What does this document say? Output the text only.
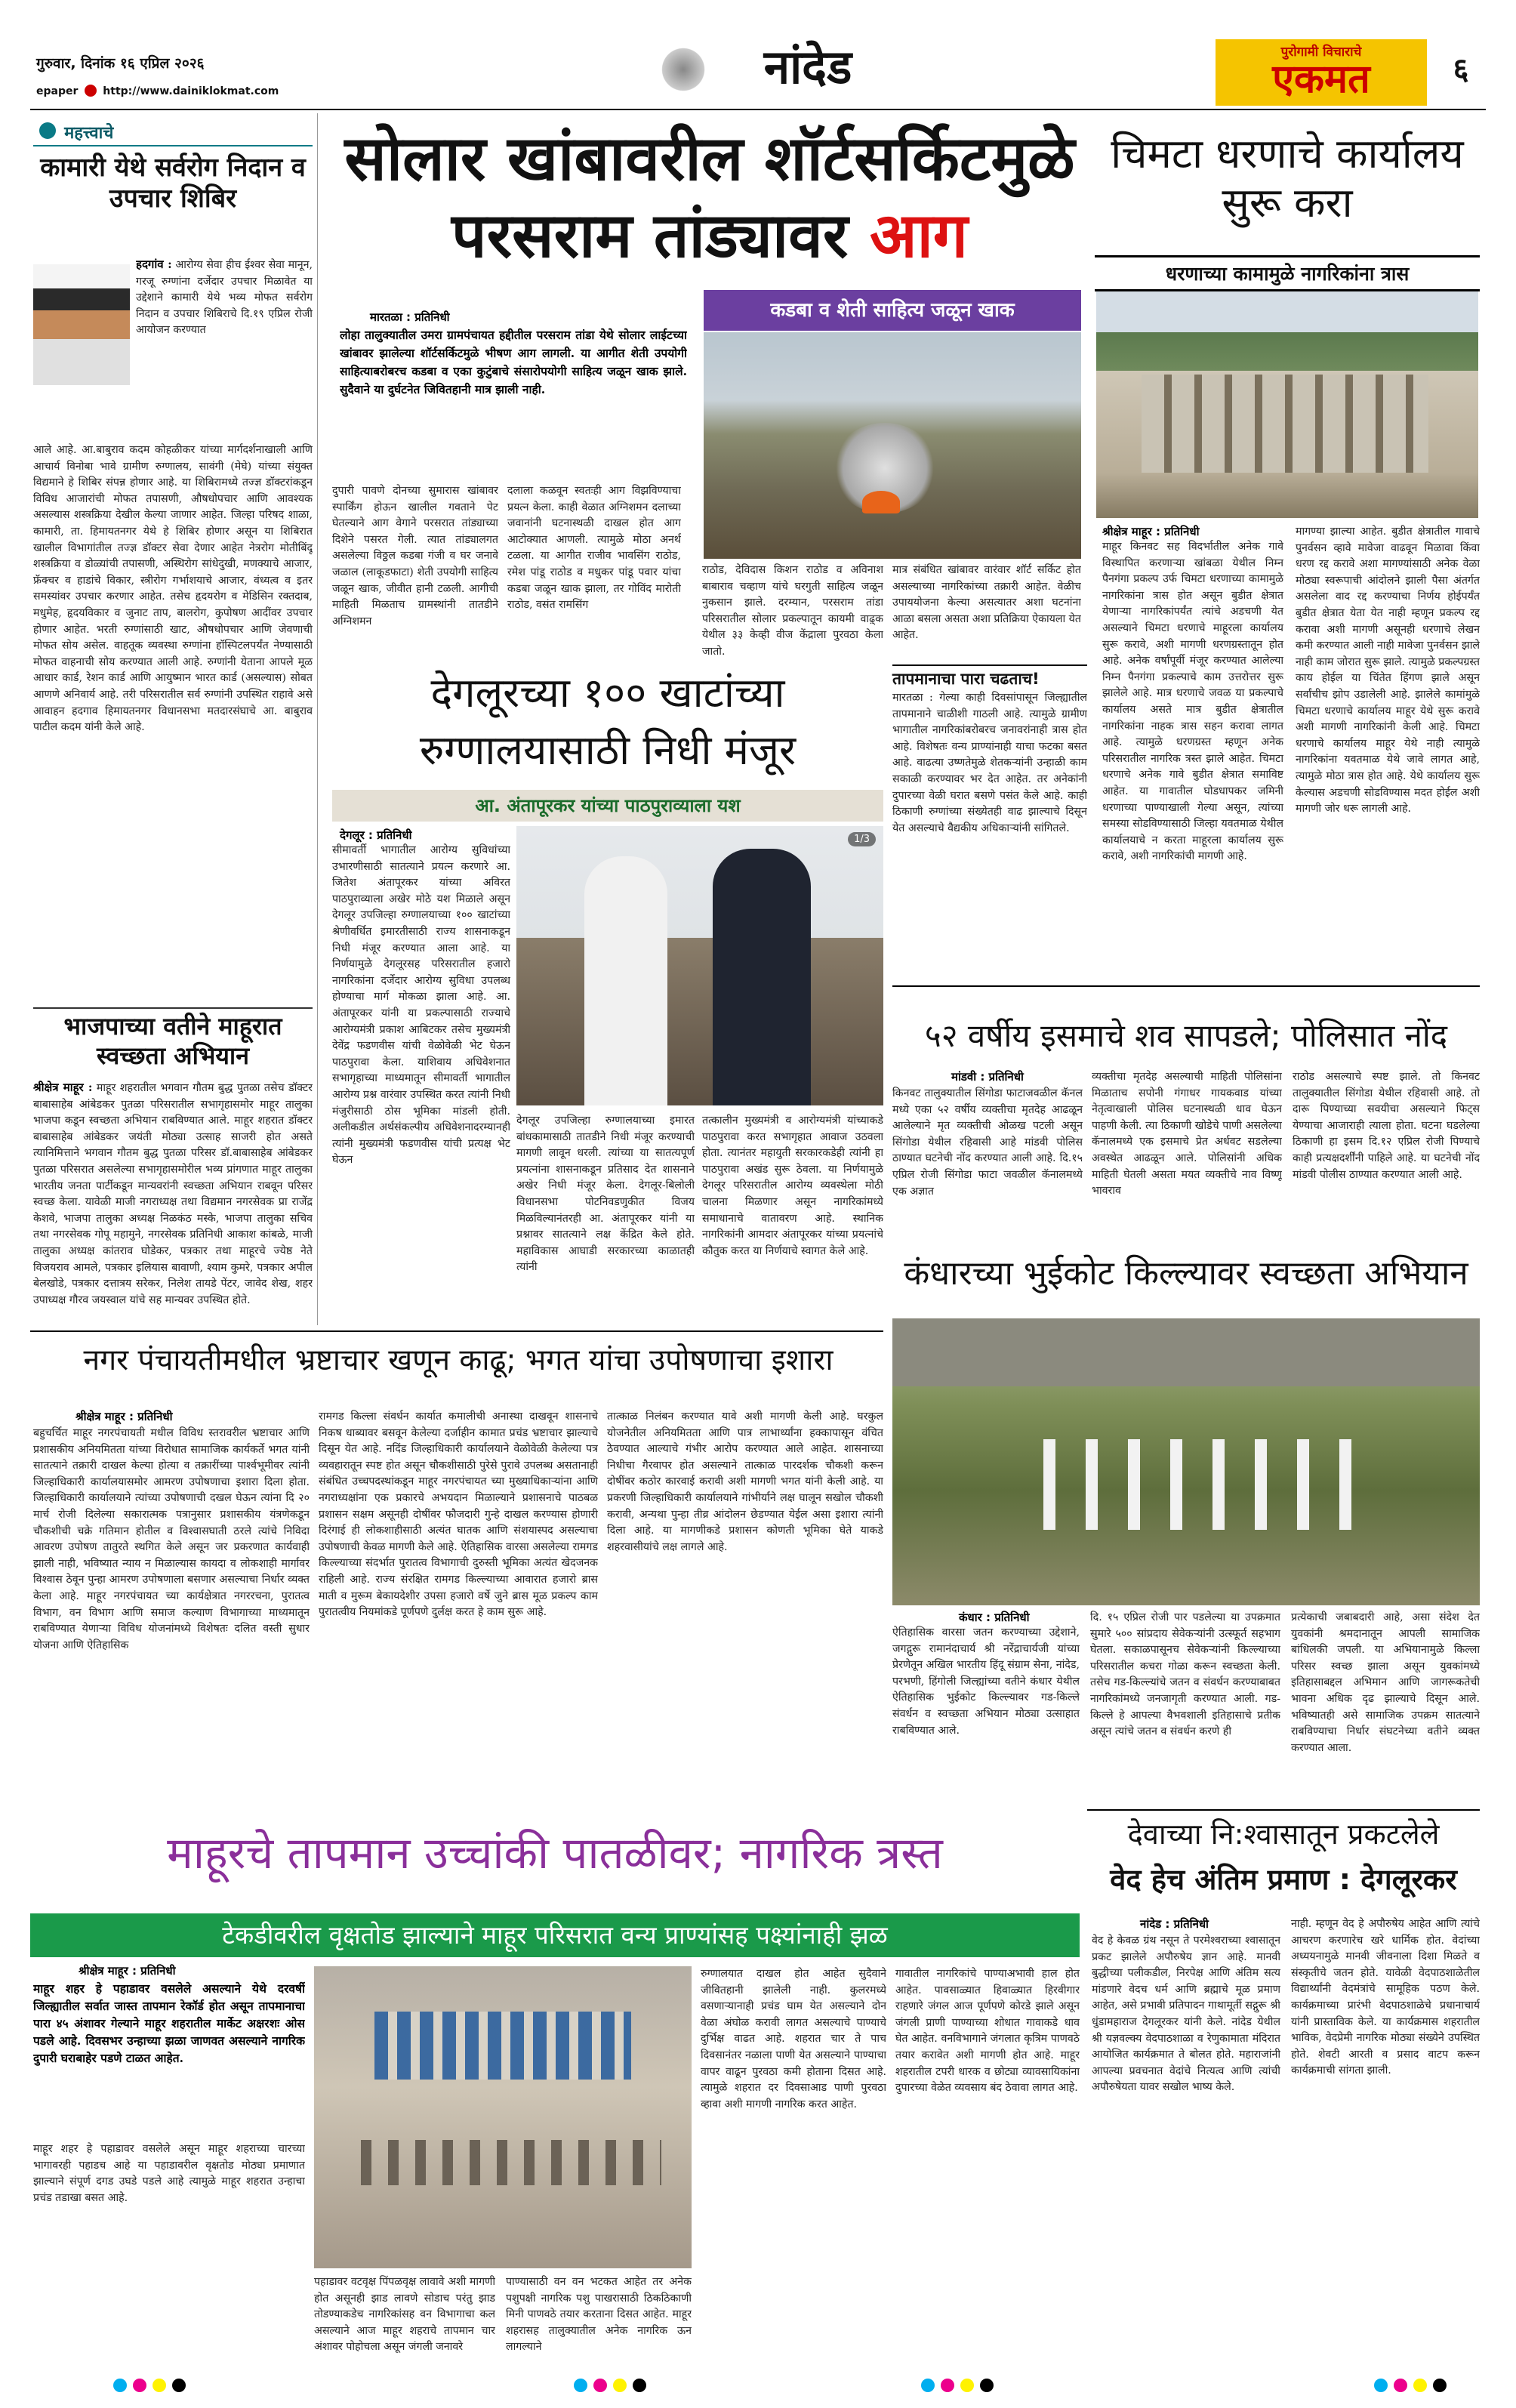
गुरुवार, दिनांक १६ एप्रिल २०२६
epaper http://www.dainiklokmat.com	नांदेड	पुरोगामी विचाराचे
एकमत	६
महत्त्वाचे
कामारी येथे सर्वरोग निदान व उपचार शिबिर
हदगांव : आरोग्य सेवा हीच ईश्वर सेवा मानून, गरजू रुग्णांना दर्जेदार उपचार मिळावेत या उद्देशाने कामारी येथे भव्य मोफत सर्वरोग निदान व उपचार शिबिराचे दि.१९ एप्रिल रोजी आयोजन करण्यात
आले आहे. आ.बाबुराव कदम कोहळीकर यांच्या मार्गदर्शनाखाली आणि आचार्य विनोबा भावे ग्रामीण रुग्णालय, सावंगी (मेघे) यांच्या संयुक्त विद्यमाने हे शिबिर संपन्न होणार आहे. या शिबिरामध्ये तज्ज्ञ डॉक्टरांकडून विविध आजारांची मोफत तपासणी, औषधोपचार आणि आवश्यक असल्यास शस्त्रक्रिया देखील केल्या जाणार आहेत. जिल्हा परिषद शाळा, कामारी, ता. हिमायतनगर येथे हे शिबिर होणार असून या शिबिरात खालील विभागांतील तज्ज्ञ डॉक्टर सेवा देणार आहेत नेत्ररोग मोतीबिंदू शस्त्रक्रिया व डोळ्यांची तपासणी, अस्थिरोग सांधेदुखी, मणक्याचे आजार, फ्रॅक्चर व हाडांचे विकार, स्त्रीरोग गर्भाशयाचे आजार, वंध्यत्व व इतर समस्यांवर उपचार करणार आहेत. तसेच हृदयरोग व मेडिसिन रक्तदाब, मधुमेह, हृदयविकार व जुनाट ताप, बालरोग, कुपोषण आदींवर उपचार होणार आहेत. भरती रुग्णांसाठी खाट, औषधोपचार आणि जेवणाची मोफत सोय असेल. वाहतूक व्यवस्था रुग्णांना हॉस्पिटलपर्यंत नेण्यासाठी मोफत वाहनाची सोय करण्यात आली आहे. रुग्णांनी येताना आपले मूळ आधार कार्ड, रेशन कार्ड आणि आयुष्मान भारत कार्ड (असल्यास) सोबत आणणे अनिवार्य आहे. तरी परिसरातील सर्व रुग्णांनी उपस्थित राहावे असे आवाहन हदगाव हिमायतनगर विधानसभा मतदारसंघाचे आ. बाबुराव पाटील कदम यांनी केले आहे.
भाजपाच्या वतीने माहूरात स्वच्छता अभियान
श्रीक्षेत्र माहूर : माहूर शहरातील भगवान गौतम बुद्ध पुतळा तसेच डॉक्टर बाबासाहेब आंबेडकर पुतळा परिसरातील सभागृहासमोर माहूर तालुका भाजपा कडून स्वच्छता अभियान राबविण्यात आले. माहूर शहरात डॉक्टर बाबासाहेब आंबेडकर जयंती मोठ्या उत्साह साजरी होत असते त्यानिमित्ताने भगवान गौतम बुद्ध पुतळा परिसर डॉ.बाबासाहेब आंबेडकर पुतळा परिसरात असलेल्या सभागृहासमोरील भव्य प्रांगणात माहूर तालुका भारतीय जनता पार्टीकडून मान्यवरांनी स्वच्छता अभियान राबवून परिसर स्वच्छ केला. यावेळी माजी नगराध्यक्ष तथा विद्यमान नगरसेवक प्रा राजेंद्र केशवे, भाजपा तालुका अध्यक्ष निळकंठ मस्के, भाजपा तालुका सचिव तथा नगरसेवक गोपू महामुने, नगरसेवक प्रतिनिधी आकाश कांबळे, माजी तालुका अध्यक्ष कांतराव घोडेकर, पत्रकार तथा माहूरचे ज्येष्ठ नेते विजयराव आमले, पत्रकार इलियास बावाणी, श्याम कुमरे, पत्रकार अपील बेलखोडे, पत्रकार दत्तात्रय सरेकर, निलेश तायडे पेंटर, जावेद शेख, शहर उपाध्यक्ष गौरव जयस्वाल यांचे सह मान्यवर उपस्थित होते.
सोलार खांबावरील शॉर्टसर्किटमुळे
परसराम तांड्यावर आग
मारतळा : प्रतिनिधी
लोहा तालुक्यातील उमरा ग्रामपंचायत हद्दीतील परसराम तांडा येथे सोलार लाईटच्या खांबावर झालेल्या शॉर्टसर्किटमुळे भीषण आग लागली. या आगीत शेती उपयोगी साहित्याबरोबरच कडबा व एका कुटुंबाचे संसारोपयोगी साहित्य जळून खाक झाले. सुदैवाने या दुर्घटनेत जिवितहानी मात्र झाली नाही.
कडबा व शेती साहित्य जळून खाक
दुपारी पावणे दोनच्या सुमारास खांबावर स्पार्किंग होऊन खालील गवताने पेट घेतल्याने आग वेगाने परसरात तांड्याच्या दिशेने पसरत गेली. त्यात तांड्यालगत असलेल्या विठ्ठल कडबा गंजी व घर जनावे जळाल (लाकूडफाटा) शेती उपयोगी साहित्य जळून खाक, जीवीत हानी टळली. आगीची माहिती मिळताच ग्रामस्थांनी तातडीने अग्निशमन
दलाला कळवून स्वतःही आग विझविण्याचा प्रयत्न केला. काही वेळात अग्निशमन दलाच्या जवानांनी घटनास्थळी दाखल होत आग आटोक्यात आणली. त्यामुळे मोठा अनर्थ टळला. या आगीत राजीव भावसिंग राठोड, रमेश पांडू राठोड व मधुकर पांडू पवार यांचा कडबा जळून खाक झाला, तर गोविंद मारोती राठोड, वसंत रामसिंग
राठोड, देविदास किशन राठोड व अविनाश बाबाराव चव्हाण यांचे घरगुती साहित्य जळून नुकसान झाले. दरम्यान, परसराम तांडा परिसरातील सोलार प्रकल्पातून कायमी वाढ़्क येथील ३३ केव्ही वीज केंद्राला पुरवठा केला जातो.
मात्र संबंधित खांबावर वारंवार शॉर्ट सर्किट होत असल्याच्या नागरिकांच्या तक्रारी आहेत. वेळीच उपाययोजना केल्या असत्यातर अशा घटनांना आळा बसला असता अशा प्रतिक्रिया ऐकायला येत आहेत.
चिमटा धरणाचे कार्यालय सुरू करा
धरणाच्या कामामुळे नागरिकांना त्रास
श्रीक्षेत्र माहूर : प्रतिनिधी
माहूर किनवट सह विदर्भातील अनेक गावे विस्थापित करणाऱ्या खांबळा येथील निम्न पैनगंगा प्रकल्प उर्फ चिमटा धरणाच्या कामामुळे नागरिकांना त्रास होत असून बुडीत क्षेत्रात येणाऱ्या नागरिकांपर्यंत त्यांचे अडचणी येत असल्याने चिमटा धरणाचे माहूरला कार्यालय सुरू करावे, अशी मागणी धरणग्रस्तातून होत आहे. अनेक वर्षांपूर्वी मंजूर करण्यात आलेल्या निम्न पैनगंगा प्रकल्पाचे काम उत्तरोत्तर सुरू झालेले आहे. मात्र धरणाचे जवळ या प्रकल्पाचे कार्यालय असते मात्र बुडीत क्षेत्रातील नागरिकांना नाहक त्रास सहन करावा लागत आहे. त्यामुळे धरणग्रस्त म्हणून अनेक परिसरातील नागरिक त्रस्त झाले आहेत. चिमटा धरणाचे अनेक गावे बुडीत क्षेत्रात समाविष्ट आहेत. या गावातील घोडधापकर जमिनी धरणाच्या पाण्याखाली गेल्या असून, त्यांच्या समस्या सोडविण्यासाठी जिल्हा यवतमाळ येथील कार्यालयाचे न करता माहूरला कार्यालय सुरू करावे, अशी नागरिकांची मागणी आहे.
मागण्या झाल्या आहेत. बुडीत क्षेत्रातील गावाचे पुनर्वसन व्हावे मावेजा वाढवून मिळावा किंवा धरण रद्द करावे अशा मागण्यांसाठी अनेक वेळा मोठ्या स्वरूपाची आंदोलने झाली पैसा अंतर्गत असलेला वाद रद्द करण्याचा निर्णय होईपर्यंत बुडीत क्षेत्रात येता येत नाही म्हणून प्रकल्प रद्द करावा अशी मागणी असूनही धरणाचे लेखन कमी करण्यात आली नाही मावेजा पुनर्वसन झाले नाही काम जोरात सुरू झाले. त्यामुळे प्रकल्पग्रस्त काय होईल या चिंतेत हिंगण झाले असून सर्वांचीच झोप उडालेली आहे. झालेले कामांमुळे चिमटा धरणाचे कार्यालय माहूर येथे सुरू करावे अशी मागणी नागरिकांनी केली आहे. चिमटा धरणाचे कार्यालय माहूर येथे नाही त्यामुळे नागरिकांना यवतमाळ येथे जावे लागत आहे, त्यामुळे मोठा त्रास होत आहे. येथे कार्यालय सुरू केल्यास अडचणी सोडविण्यास मदत होईल अशी मागणी जोर धरू लागली आहे.
तापमानाचा पारा चढताच!
मारतळा : गेल्या काही दिवसांपासून जिल्ह्यातील तापमानाने चाळीशी गाठली आहे. त्यामुळे ग्रामीण भागातील नागरिकांबरोबरच जनावरांनाही त्रास होत आहे. विशेषतः वन्य प्राण्यांनाही याचा फटका बसत आहे. वाढत्या उष्णतेमुळे शेतकऱ्यांनी उन्हाळी काम सकाळी करण्यावर भर देत आहेत. तर अनेकांनी दुपारच्या वेळी घरात बसणे पसंत केले आहे. काही ठिकाणी रुग्णांच्या संख्येतही वाढ झाल्याचे दिसून येत असल्याचे वैद्यकीय अधिकाऱ्यांनी सांगितले.
देगलूरच्या १०० खाटांच्या
रुग्णालयासाठी निधी मंजूर
आ. अंतापूरकर यांच्या पाठपुराव्याला यश
1/3
देगलूर : प्रतिनिधी
सीमावर्ती भागातील आरोग्य सुविधांच्या उभारणीसाठी सातत्याने प्रयत्न करणारे आ. जितेश अंतापूरकर यांच्या अविरत पाठपुराव्याला अखेर मोठे यश मिळाले असून देगलूर उपजिल्हा रुग्णालयाच्या १०० खाटांच्या श्रेणीवर्धित इमारतीसाठी राज्य शासनाकडून निधी मंजूर करण्यात आला आहे. या निर्णयामुळे देगलूरसह परिसरातील हजारो नागरिकांना दर्जेदार आरोग्य सुविधा उपलब्ध होण्याचा मार्ग मोकळा झाला आहे. आ. अंतापूरकर यांनी या प्रकल्पासाठी राज्याचे आरोग्यमंत्री प्रकाश आबिटकर तसेच मुख्यमंत्री देवेंद्र फडणवीस यांची वेळोवेळी भेट घेऊन पाठपुरावा केला. याशिवाय अधिवेशनात सभागृहाच्या माध्यमातून सीमावर्ती भागातील आरोग्य प्रश्न वारंवार उपस्थित करत त्यांनी निधी मंजुरीसाठी ठोस भूमिका मांडली होती. अलीकडील अर्थसंकल्पीय अधिवेशनादरम्यानही त्यांनी मुख्यमंत्री फडणवीस यांची प्रत्यक्ष भेट घेऊन
देगलूर उपजिल्हा रुग्णालयाच्या इमारत बांधकामासाठी तातडीने निधी मंजूर करण्याची मागणी लावून धरली. त्यांच्या या सातत्यपूर्ण प्रयत्नांना शासनाकडून प्रतिसाद देत शासनाने अखेर निधी मंजूर केला. देगलूर-बिलोली विधानसभा पोटनिवडणुकीत विजय मिळविल्यानंतरही आ. अंतापूरकर यांनी या प्रश्नावर सातत्याने लक्ष केंद्रित केले होते. महाविकास आघाडी सरकारच्या काळातही त्यांनी
तत्कालीन मुख्यमंत्री व आरोग्यमंत्री यांच्याकडे पाठपुरावा करत सभागृहात आवाज उठवला होता. त्यानंतर महायुती सरकारकडेही त्यांनी हा पाठपुरावा अखंड सुरू ठेवला. या निर्णयामुळे देगलूर परिसरातील आरोग्य व्यवस्थेला मोठी चालना मिळणार असून नागरिकांमध्ये समाधानाचे वातावरण आहे. स्थानिक नागरिकांनी आमदार अंतापूरकर यांच्या प्रयत्नांचे कौतुक करत या निर्णयाचे स्वागत केले आहे.
५२ वर्षीय इसमाचे शव सापडले; पोलिसात नोंद
मांडवी : प्रतिनिधी
किनवट तालुक्यातील सिंगोडा फाटाजवळील कॅनल मध्ये एका ५२ वर्षीय व्यक्तीचा मृतदेह आढळून आलेल्याने मृत व्यक्तीची ओळख पटली असून सिंगोडा येथील रहिवासी आहे मांडवी पोलिस ठाण्यात घटनेची नोंद करण्यात आली आहे. दि.१५ एप्रिल रोजी सिंगोडा फाटा जवळील कॅनालमध्ये एक अज्ञात
व्यक्तीचा मृतदेह असल्याची माहिती पोलिसांना मिळाताच सपोनी गंगाधर गायकवाड यांच्या नेतृत्वाखाली पोलिस घटनास्थळी धाव घेऊन पाहणी केली. त्या ठिकाणी खोडेचे पाणी असलेल्या कॅनालमध्ये एक इसमाचे प्रेत अर्धवट सडलेल्या अवस्थेत आढळून आले. पोलिसांनी अधिक माहिती घेतली असता मयत व्यक्तीचे नाव विष्णू भावराव
राठोड असल्याचे स्पष्ट झाले. तो किनवट तालुक्यातील सिंगोडा येथील रहिवासी आहे. तो दारू पिण्याच्या सवयीचा असल्याने फिट्स येण्याचा आजाराही त्याला होता. घटना घडलेल्या ठिकाणी हा इसम दि.१२ एप्रिल रोजी पिण्याचे काही प्रत्यक्षदर्शींनी पाहिले आहे. या घटनेची नोंद मांडवी पोलीस ठाण्यात करण्यात आली आहे.
कंधारच्या भुईकोट किल्ल्यावर स्वच्छता अभियान
कंधार : प्रतिनिधी
ऐतिहासिक वारसा जतन करण्याच्या उद्देशाने, जगद्गुरू रामानंदाचार्य श्री नरेंद्राचार्यजी यांच्या प्रेरणेतून अखिल भारतीय हिंदू संग्राम सेना, नांदेड, परभणी, हिंगोली जिल्ह्यांच्या वतीने कंधार येथील ऐतिहासिक भुईकोट किल्ल्यावर गड-किल्ले संवर्धन व स्वच्छता अभियान मोठ्या उत्साहात राबविण्यात आले.
दि. १५ एप्रिल रोजी पार पडलेल्या या उपक्रमात सुमारे ५०० सांप्रदाय सेवेकऱ्यांनी उत्स्फूर्त सहभाग घेतला. सकाळपासूनच सेवेकऱ्यांनी किल्ल्याच्या परिसरातील कचरा गोळा करून स्वच्छता केली. तसेच गड-किल्ल्यांचे जतन व संवर्धन करण्याबाबत नागरिकांमध्ये जनजागृती करण्यात आली. गड-किल्ले हे आपल्या वैभवशाली इतिहासाचे प्रतीक असून त्यांचे जतन व संवर्धन करणे ही
प्रत्येकाची जबाबदारी आहे, असा संदेश देत युवकांनी श्रमदानातून आपली सामाजिक बांधिलकी जपली. या अभियानामुळे किल्ला परिसर स्वच्छ झाला असून युवकांमध्ये इतिहासाबद्दल अभिमान आणि जागरूकतेची भावना अधिक दृढ झाल्याचे दिसून आले. भविष्यातही असे सामाजिक उपक्रम सातत्याने राबविण्याचा निर्धार संघटनेच्या वतीने व्यक्त करण्यात आला.
नगर पंचायतीमधील भ्रष्टाचार खणून काढू; भगत यांचा उपोषणाचा इशारा
श्रीक्षेत्र माहूर : प्रतिनिधी
बहुचर्चित माहूर नगरपंचायती मधील विविध स्तरावरील भ्रष्टाचार आणि प्रशासकीय अनियमितता यांच्या विरोधात सामाजिक कार्यकर्ते भगत यांनी सातत्याने तक्रारी दाखल केल्या होत्या व तक्रारींच्या पार्श्वभूमीवर त्यांनी जिल्हाधिकारी कार्यालयासमोर आमरण उपोषणाचा इशारा दिला होता. जिल्हाधिकारी कार्यालयाने त्यांच्या उपोषणाची दखल घेऊन त्यांना दि २० मार्च रोजी दिलेल्या सकारात्मक पत्रानुसार प्रशासकीय यंत्रणेकडून चौकशीची चक्रे गतिमान होतील व विश्वासघाती ठरले त्यांचे निविदा आवरण उपोषण तातुरते स्थगित केले असून जर प्रकरणात कार्यवाही झाली नाही, भविष्यात न्याय न मिळाल्यास कायदा व लोकशाही मार्गावर विश्वास ठेवून पुन्हा आमरण उपोषणाला बसणार असल्याचा निर्धार व्यक्त केला आहे. माहूर नगरपंचायत च्या कार्यक्षेत्रात नगररचना, पुरातत्व विभाग, वन विभाग आणि समाज कल्याण विभागाच्या माध्यमातून राबविण्यात येणाऱ्या विविध योजनांमध्ये विशेषतः दलित वस्ती सुधार योजना आणि ऐतिहासिक
रामगड किल्ला संवर्धन कार्यात कमालीची अनास्था दाखवून शासनाचे निकष धाब्यावर बसवून केलेल्या दर्जाहीन कामात प्रचंड भ्रष्टाचार झाल्याचे दिसून येत आहे. नदिंड जिल्हाधिकारी कार्यालयाने वेळोवेळी केलेल्या पत्र व्यवहारातून स्पष्ट होत असून चौकशीसाठी पुरेसे पुरावे उपलब्ध असतानाही संबंधित उच्चपदस्थांकडून माहूर नगरपंचायत च्या मुख्याधिकाऱ्यांना आणि नगराध्यक्षांना एक प्रकारचे अभयदान मिळाल्याने प्रशासनाचे पाठबळ प्रशासन सक्षम असूनही दोषींवर फौजदारी गुन्हे दाखल करण्यास होणारी दिरंगाई ही लोकशाहीसाठी अत्यंत घातक आणि संशयास्पद असल्याचा उपोषणाची केवळ मागणी केले आहे. ऐतिहासिक वारसा असलेल्या रामगड किल्ल्याच्या संदर्भात पुरातत्व विभागाची दुरुस्ती भूमिका अत्यंत खेदजनक राहिली आहे. राज्य संरक्षित रामगड किल्ल्याच्या आवारात हजारो ब्रास माती व मुरूम बेकायदेशीर उपसा हजारो वर्षे जुने ब्रास मूळ प्रकल्प काम पुरातत्वीय नियमांकडे पूर्णपणे दुर्लक्ष करत हे काम सुरू आहे.
तात्काळ निलंबन करण्यात यावे अशी मागणी केली आहे. घरकुल योजनेतील अनियमितता आणि पात्र लाभार्थ्यांना हक्कापासून वंचित ठेवण्यात आल्याचे गंभीर आरोप करण्यात आले आहेत. शासनाच्या निधीचा गैरवापर होत असल्याने तात्काळ पारदर्शक चौकशी करून दोषींवर कठोर कारवाई करावी अशी मागणी भगत यांनी केली आहे. या प्रकरणी जिल्हाधिकारी कार्यालयाने गांभीर्याने लक्ष घालून सखोल चौकशी करावी, अन्यथा पुन्हा तीव्र आंदोलन छेडण्यात येईल असा इशारा त्यांनी दिला आहे. या मागणीकडे प्रशासन कोणती भूमिका घेते याकडे शहरवासीयांचे लक्ष लागले आहे.
देवाच्या नि:श्वासातून प्रकटलेले
वेद हेच अंतिम प्रमाण : देगलूरकर
नांदेड : प्रतिनिधी
वेद हे केवळ ग्रंथ नसून ते परमेश्वराच्या श्वासातून प्रकट झालेले अपौरुषेय ज्ञान आहे. मानवी बुद्धीच्या पलीकडील, निरपेक्ष आणि अंतिम सत्य मांडणारे वेदच धर्म आणि ब्रह्माचे मूळ प्रमाण आहेत, असे प्रभावी प्रतिपादन गाथामूर्ती सद्गुरू श्री धुंडामहाराज देगलूरकर यांनी केले. नांदेड येथील श्री यज्ञवल्क्य वेदपाठशाळा व रेणुकामाता मंदिरात आयोजित कार्यक्रमात ते बोलत होते. महाराजांनी आपल्या प्रवचनात वेदांचे नित्यत्व आणि त्यांची अपौरुषेयता यावर सखोल भाष्य केले.
नाही. म्हणून वेद हे अपौरुषेय आहेत आणि त्यांचे आचरण करणारेच खरे धार्मिक होत. वेदांच्या अध्ययनामुळे मानवी जीवनाला दिशा मिळते व संस्कृतीचे जतन होते. यावेळी वेदपाठशाळेतील विद्यार्थ्यांनी वेदमंत्रांचे सामूहिक पठण केले. कार्यक्रमाच्या प्रारंभी वेदपाठशाळेचे प्रधानाचार्य यांनी प्रास्ताविक केले. या कार्यक्रमास शहरातील भाविक, वेदप्रेमी नागरिक मोठ्या संख्येने उपस्थित होते. शेवटी आरती व प्रसाद वाटप करून कार्यक्रमाची सांगता झाली.
माहूरचे तापमान उच्चांकी पातळीवर; नागरिक त्रस्त
टेकडीवरील वृक्षतोड झाल्याने माहूर परिसरात वन्य प्राण्यांसह पक्ष्यांनाही झळ
श्रीक्षेत्र माहूर : प्रतिनिधी
माहूर शहर हे पहाडावर वसलेले असल्याने येथे दरवर्षी जिल्ह्यातील सर्वात जास्त तापमान रेकॉर्ड होत असून तापमानाचा पारा ४५ अंशावर गेल्याने माहूर शहरातील मार्केट अक्षरशः ओस पडले आहे. दिवसभर उन्हाच्या झळा जाणवत असल्याने नागरिक दुपारी घराबाहेर पडणे टाळत आहेत.
माहूर शहर हे पहाडावर वसलेले असून माहूर शहराच्या चारच्या भागावरही पहाडच आहे या पहाडावरील वृक्षतोड मोठ्या प्रमाणात झाल्याने संपूर्ण दगड उघडे पडले आहे त्यामुळे माहूर शहरात उन्हाचा प्रचंड तडाखा बसत आहे.
पहाडावर वटवृक्ष पिंपळवृक्ष लावावे अशी मागणी होत असूनही झाड लावणे सोडाच परंतु झाड तोडण्याकडेच नागरिकांसह वन विभागाचा कल असल्याने आज माहूर शहराचे तापमान चार अंशावर पोहोचला असून जंगली जनावरे
पाण्यासाठी वन वन भटकत आहेत तर अनेक पशुपक्षी नागरिक पशु पाखरासाठी ठिकठिकाणी मिनी पाणवठे तयार करताना दिसत आहेत. माहूर शहरासह तालुक्यातील अनेक नागरिक ऊन लागल्याने
रुग्णालयात दाखल होत आहेत सुदैवाने जीवितहानी झालेली नाही. कुलरमध्ये वसणाऱ्यानाही प्रचंड घाम येत असल्याने दोन वेळा अंघोळ करावी लागत असल्याचे पाण्याचे दुर्भिक्ष वाढत आहे. शहरात चार ते पाच दिवसानंतर नळाला पाणी येत असल्याने पाण्याचा वापर वाढून पुरवठा कमी होताना दिसत आहे. त्यामुळे शहरात दर दिवसाआड पाणी पुरवठा व्हावा अशी मागणी नागरिक करत आहेत.
गावातील नागरिकांचे पाण्याअभावी हाल होत आहेत. पावसाळ्यात हिवाळ्यात हिरवीगार राहणारे जंगल आज पूर्णपणे कोरडे झाले असून जंगली प्राणी पाण्याच्या शोधात गावाकडे धाव घेत आहेत. वनविभागाने जंगलात कृत्रिम पाणवठे तयार करावेत अशी मागणी होत आहे. माहूर शहरातील टपरी धारक व छोट्या व्यावसायिकांना दुपारच्या वेळेत व्यवसाय बंद ठेवावा लागत आहे.
